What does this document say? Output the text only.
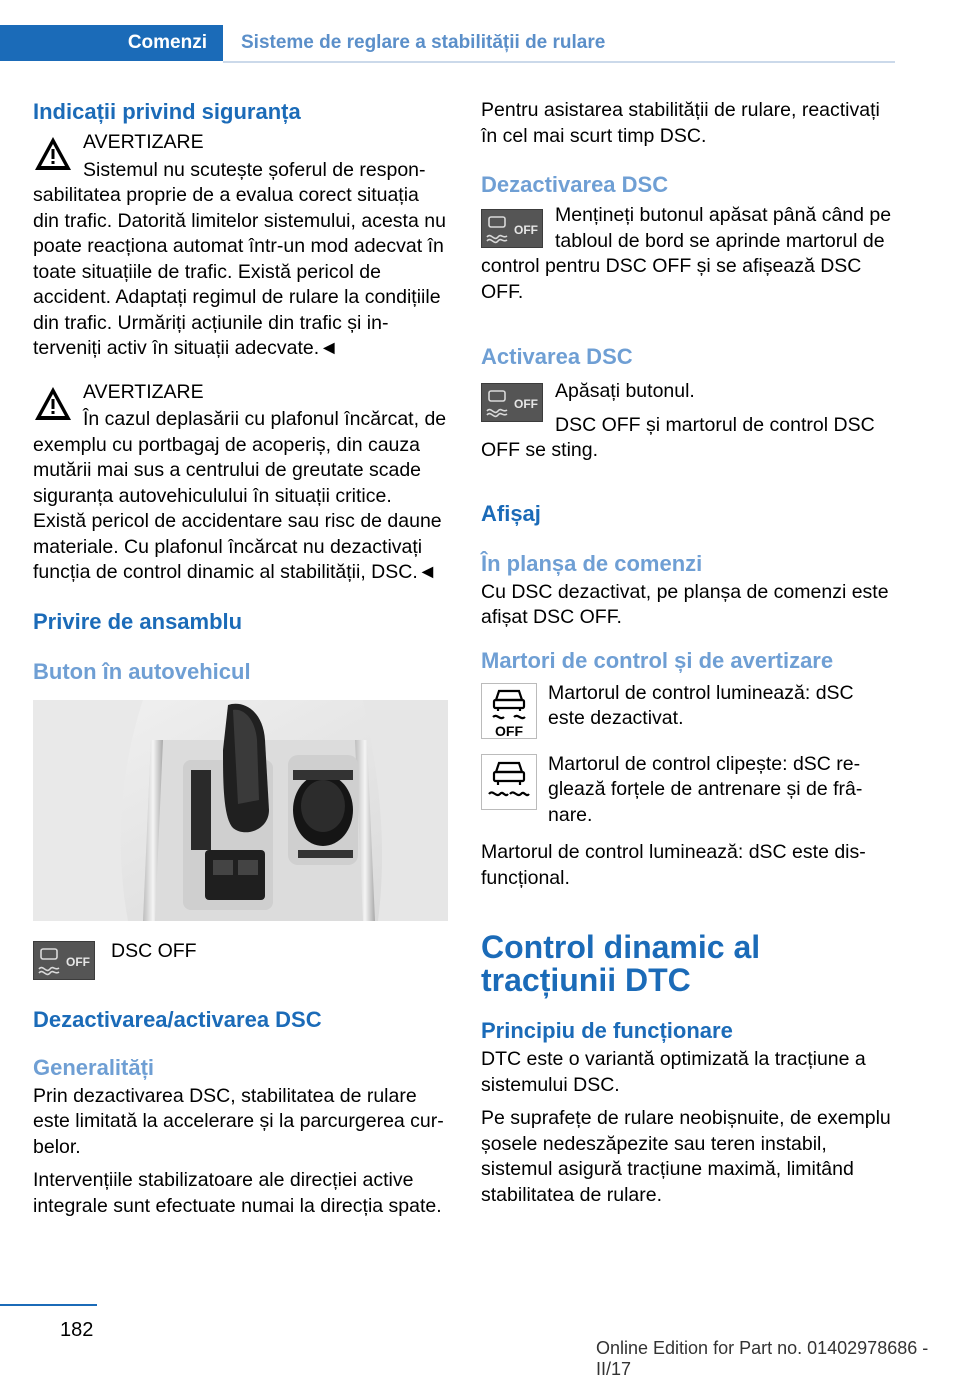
Comenzi	Sisteme de reglare a stabilității de rulare
Indicații privind siguranța

AVERTIZARE

Sistemul nu scutește șoferul de responsabilitatea proprie de a evalua corect situația din trafic. Datorită limitelor sistemului, acesta nu poate reacționa automat într-un mod adecvat în toate situațiile de trafic. Există pericol de accident. Adaptați regimul de rulare la condițiile din trafic. Urmăriți acțiunile din trafic și interveniți activ în situații adecvate.◄

AVERTIZARE

În cazul deplasării cu plafonul încărcat, de exemplu cu portbagaj de acoperiș, din cauza mutării mai sus a centrului de greutate scade siguranța autovehiculului în situații critice. Există pericol de accidentare sau risc de daune materiale. Cu plafonul încărcat nu dezactivați funcția de control dinamic al stabilității, DSC.◄

Privire de ansamblu
Buton în autovehicul
OFF	DSC OFF

Dezactivarea/activarea DSC
Generalități

Prin dezactivarea DSC, stabilitatea de rulare este limitată la accelerare și la parcurgerea curbelor.

Intervențiile stabilizatoare ale direcției active integrale sunt efectuate numai la direcția spate.

Pentru asistarea stabilității de rulare, reactivați în cel mai scurt timp DSC.

Dezactivarea DSC
OFF

Mențineți butonul apăsat până când pe tabloul de bord se aprinde martorul de control pentru DSC OFF și se afișează DSC OFF.

Activarea DSC
OFF

Apăsați butonul.

DSC OFF și martorul de control DSC OFF se sting.

Afișaj
În planșa de comenzi

Cu DSC dezactivat, pe planșa de comenzi este afișat DSC OFF.

Martori de control și de avertizare
OFF

Martorul de control luminează: dSC este dezactivat.

Martorul de control clipește: dSC reglează forțele de antrenare și de frânare.

Martorul de control luminează: dSC este disfuncțional.

Control dinamic al tracțiunii DTC
Principiu de funcționare

DTC este o variantă optimizată la tracțiune a sistemului DSC.

Pe suprafețe de rulare neobișnuite, de exemplu șosele nedeszăpezite sau teren instabil, sistemul asigură tracțiune maximă, limitând stabilitatea de rulare.

182
Online Edition for Part no. 01402978686 - II/17
